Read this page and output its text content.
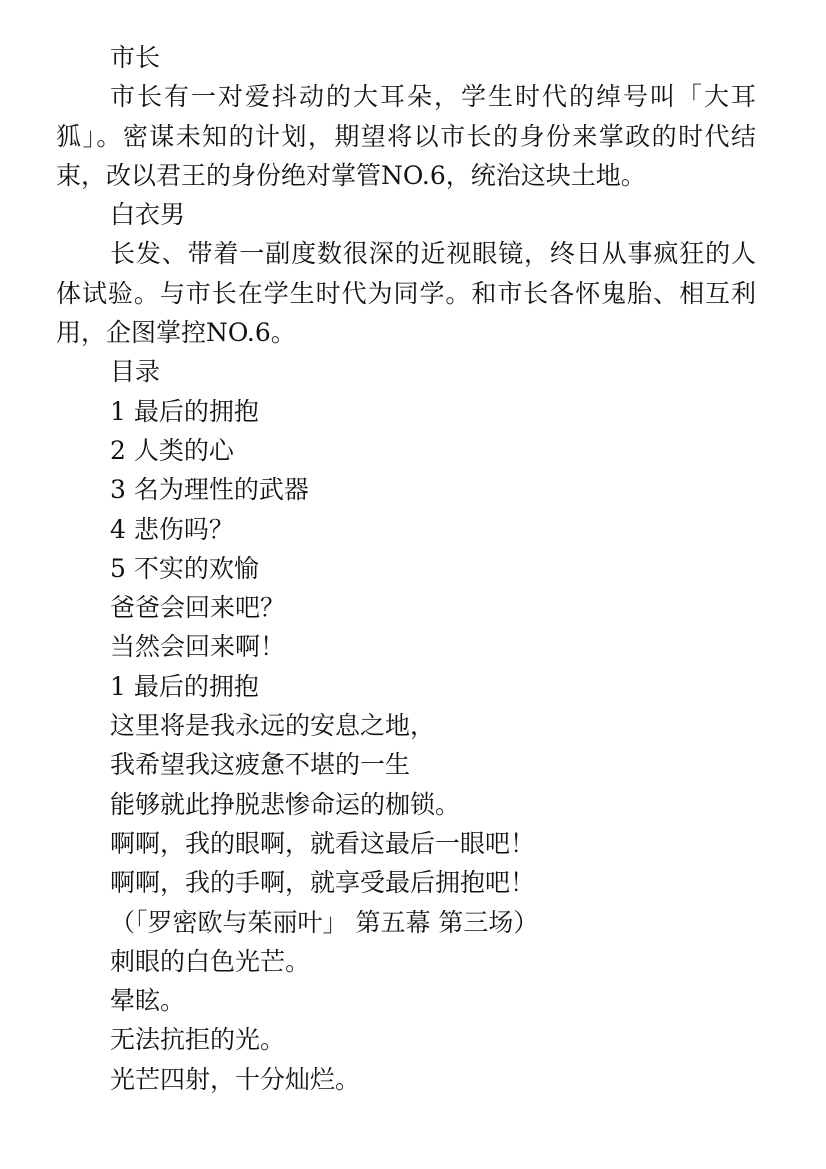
市长

市长有一对爱抖动的大耳朵，学生时代的绰号叫「大耳狐」。密谋未知的计划，期望将以市长的身份来掌政的时代结束，改以君王的身份绝对掌管NO.6，统治这块土地。

白衣男

长发、带着一副度数很深的近视眼镜，终日从事疯狂的人体试验。与市长在学生时代为同学。和市长各怀鬼胎、相互利用，企图掌控NO.6。

目录

1 最后的拥抱

2 人类的心

3 名为理性的武器

4 悲伤吗？

5 不实的欢愉

爸爸会回来吧？

当然会回来啊！

1 最后的拥抱

这里将是我永远的安息之地，

我希望我这疲惫不堪的一生

能够就此挣脱悲惨命运的枷锁。

啊啊，我的眼啊，就看这最后一眼吧！

啊啊，我的手啊，就享受最后拥抱吧！

（「罗密欧与茱丽叶」 第五幕 第三场）

刺眼的白色光芒。

晕眩。

无法抗拒的光。

光芒四射，十分灿烂。
